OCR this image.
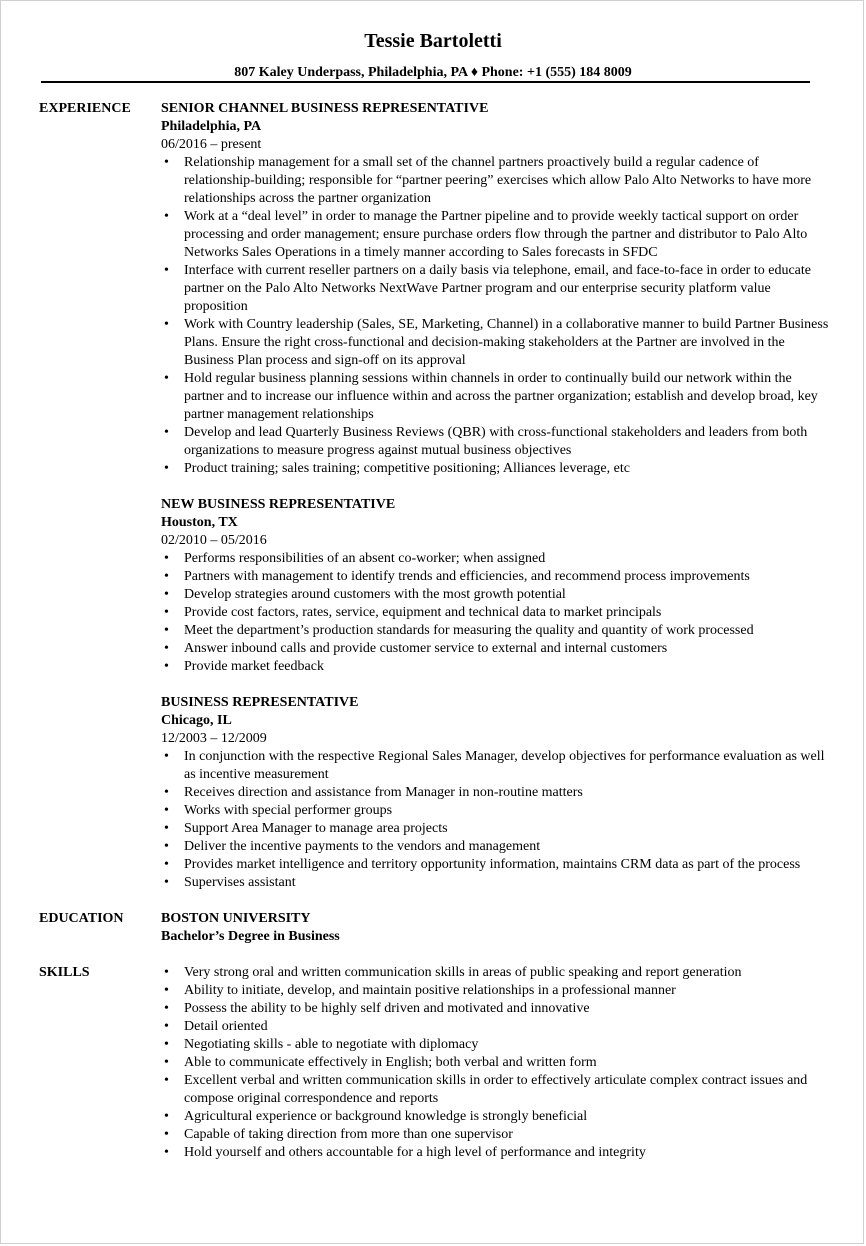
Tessie Bartoletti
807 Kaley Underpass, Philadelphia, PA ♦ Phone: +1 (555) 184 8009
EXPERIENCE	SENIOR CHANNEL BUSINESS REPRESENTATIVE
Philadelphia, PA
06/2016 – present
• Relationship management for a small set of the channel partners proactively build a regular cadence of relationship-building; responsible for “partner peering” exercises which allow Palo Alto Networks to have more relationships across the partner organization
• Work at a “deal level” in order to manage the Partner pipeline and to provide weekly tactical support on order processing and order management; ensure purchase orders flow through the partner and distributor to Palo Alto Networks Sales Operations in a timely manner according to Sales forecasts in SFDC
• Interface with current reseller partners on a daily basis via telephone, email, and face-to-face in order to educate partner on the Palo Alto Networks NextWave Partner program and our enterprise security platform value proposition
• Work with Country leadership (Sales, SE, Marketing, Channel) in a collaborative manner to build Partner Business Plans. Ensure the right cross-functional and decision-making stakeholders at the Partner are involved in the Business Plan process and sign-off on its approval
• Hold regular business planning sessions within channels in order to continually build our network within the partner and to increase our influence within and across the partner organization; establish and develop broad, key partner management relationships
• Develop and lead Quarterly Business Reviews (QBR) with cross-functional stakeholders and leaders from both organizations to measure progress against mutual business objectives
• Product training; sales training; competitive positioning; Alliances leverage, etc
NEW BUSINESS REPRESENTATIVE
Houston, TX
02/2010 – 05/2016
• Performs responsibilities of an absent co-worker; when assigned
• Partners with management to identify trends and efficiencies, and recommend process improvements
• Develop strategies around customers with the most growth potential
• Provide cost factors, rates, service, equipment and technical data to market principals
• Meet the department’s production standards for measuring the quality and quantity of work processed
• Answer inbound calls and provide customer service to external and internal customers
• Provide market feedback
BUSINESS REPRESENTATIVE
Chicago, IL
12/2003 – 12/2009
• In conjunction with the respective Regional Sales Manager, develop objectives for performance evaluation as well as incentive measurement
• Receives direction and assistance from Manager in non-routine matters
• Works with special performer groups
• Support Area Manager to manage area projects
• Deliver the incentive payments to the vendors and management
• Provides market intelligence and territory opportunity information, maintains CRM data as part of the process
• Supervises assistant
EDUCATION	BOSTON UNIVERSITY
Bachelor’s Degree in Business
SKILLS
•	Very strong oral and written communication skills in areas of public speaking and report generation
• Ability to initiate, develop, and maintain positive relationships in a professional manner
• Possess the ability to be highly self driven and motivated and innovative
• Detail oriented
• Negotiating skills - able to negotiate with diplomacy
• Able to communicate effectively in English; both verbal and written form
• Excellent verbal and written communication skills in order to effectively articulate complex contract issues and compose original correspondence and reports
• Agricultural experience or background knowledge is strongly beneficial
• Capable of taking direction from more than one supervisor
• Hold yourself and others accountable for a high level of performance and integrity
